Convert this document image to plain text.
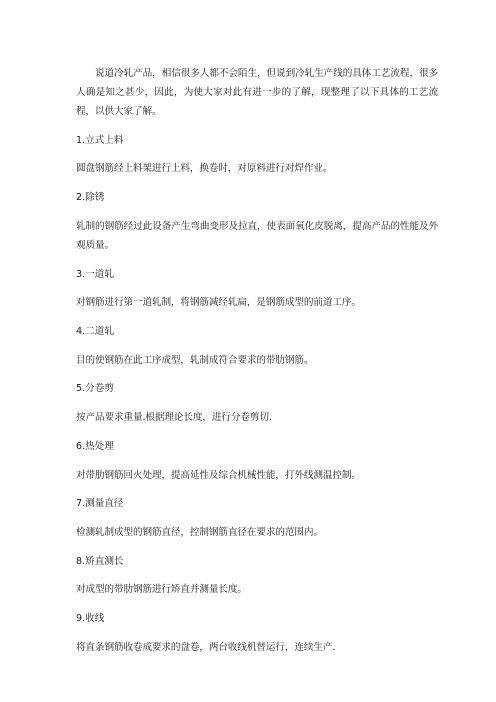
说道冷轧产品，相信很多人都不会陌生，但说到冷轧生产线的具体工艺流程，很多人确是知之甚少，因此，为使大家对此有进一步的了解，现整理了以下具体的工艺流程，以供大家了解。

1.立式上料
圆盘钢筋经上料架进行上料，换卷时，对原料进行对焊作业。
2.除锈
轧制的钢筋经过此设备产生弯曲变形及拉直，使表面氧化皮脱离，提高产品的性能及外观质量。
3.一道轧
对钢筋进行第一道轧制，将钢筋减经轧扁，是钢筋成型的前道工序。
4.二道轧
目的使钢筋在此工序成型，轧制成符合要求的带肋钢筋。
5.分卷剪
按产品要求重量.根据理论长度，进行分卷剪切.
6.热处理
对带肋钢筋回火处理，提高延性及综合机械性能，打外线测温控制。
7.测量直径
检测轧制成型的钢筋直径，控制钢筋直径在要求的范围内。
8.矫直测长
对成型的带肋钢筋进行矫直并测量长度。
9.收线
将直条钢筋收卷成要求的盘卷，两台收线机替运行，连续生产.
